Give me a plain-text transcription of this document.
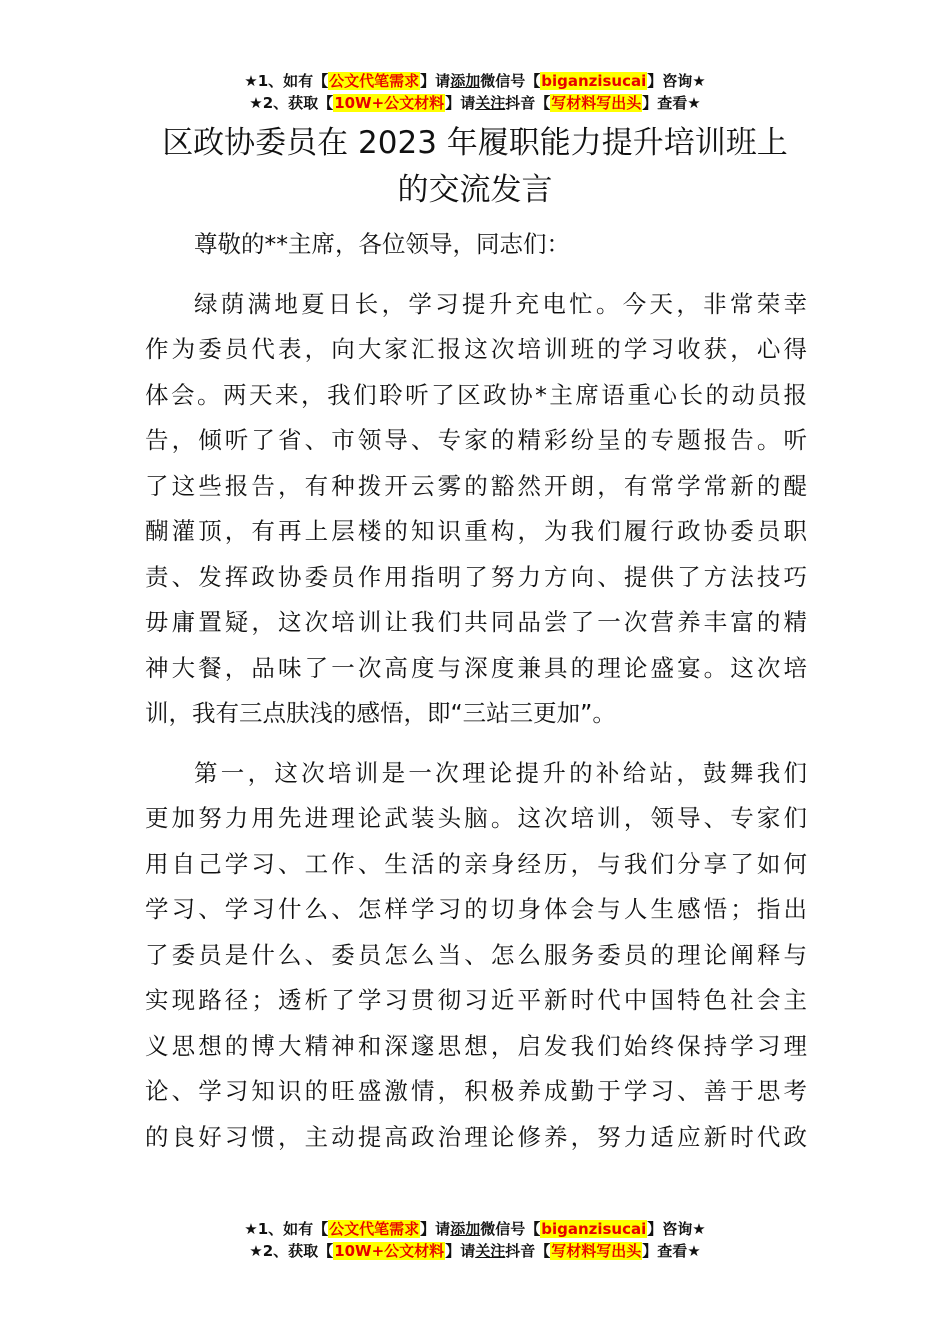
★1、如有【公文代笔需求】请添加微信号【biganzisucai】咨询★
★2、获取【10W+公文材料】请关注抖音【写材料写出头】查看★
区政协委员在 2023 年履职能力提升培训班上
的交流发言

尊敬的**主席，各位领导，同志们：

绿荫满地夏日长，学习提升充电忙。今天，非常荣幸
作为委员代表，向大家汇报这次培训班的学习收获，心得
体会。两天来，我们聆听了区政协*主席语重心长的动员报
告，倾听了省、市领导、专家的精彩纷呈的专题报告。听
了这些报告，有种拨开云雾的豁然开朗，有常学常新的醍
醐灌顶，有再上层楼的知识重构，为我们履行政协委员职
责、发挥政协委员作用指明了努力方向、提供了方法技巧
毋庸置疑，这次培训让我们共同品尝了一次营养丰富的精
神大餐，品味了一次高度与深度兼具的理论盛宴。这次培
训，我有三点肤浅的感悟，即“三站三更加”。

第一，这次培训是一次理论提升的补给站，鼓舞我们
更加努力用先进理论武装头脑。这次培训，领导、专家们
用自己学习、工作、生活的亲身经历，与我们分享了如何
学习、学习什么、怎样学习的切身体会与人生感悟；指出
了委员是什么、委员怎么当、怎么服务委员的理论阐释与
实现路径；透析了学习贯彻习近平新时代中国特色社会主
义思想的博大精神和深邃思想，启发我们始终保持学习理
论、学习知识的旺盛激情，积极养成勤于学习、善于思考
的良好习惯，主动提高政治理论修养，努力适应新时代政

★1、如有【公文代笔需求】请添加微信号【biganzisucai】咨询★
★2、获取【10W+公文材料】请关注抖音【写材料写出头】查看★
